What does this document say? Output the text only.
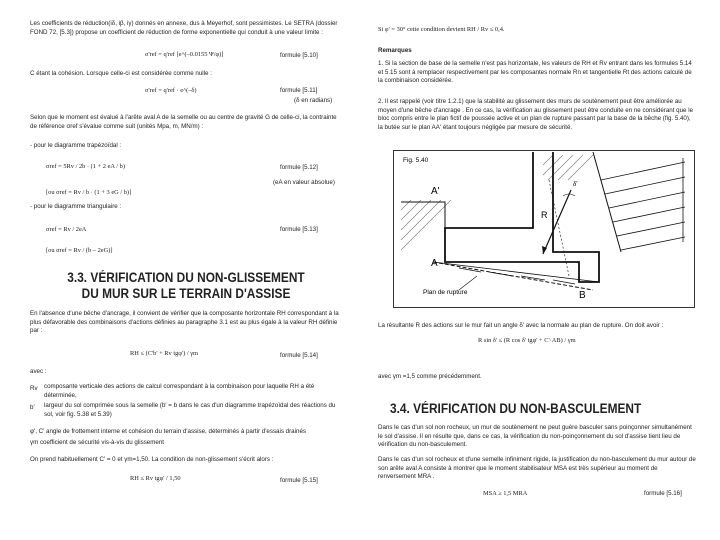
Les coefficients de réduction(iδ, iβ, iγ) donnés en annexe, dus à Meyerhof, sont pessimistes. Le SETRA (dossier FOND 72, [5.3]) propose un coefficient de réduction de forme exponentielle qui conduit à une valeur limite :

σ'ref = q'ref [e^(–0.0155 Ψ/φ)]	formule [5.10]

C étant la cohésion. Lorsque celle-ci est considérée comme nulle :

σ'ref = q'ref · e^(–δ)	formule [5.11]
(δ en radians)

Selon que le moment est évalué à l'arête aval A de la semelle ou au centre de gravité G de celle-ci, la contrainte de référence σref s'évalue comme suit (unités Mpa, m, MN/m) :

- pour le diagramme trapézoïdal :

σref = 5Rv / 2b · (1 + 2 eA / b)	formule [5.12]
(eA en valeur absolue)
[ou σref = Rv / b · (1 + 3 eG / b)]

- pour le diagramme triangulaire :

σref = Rv / 2eA	formule [5.13]
[ou σref = Rv / (b – 2eG)]
3.3. VÉRIFICATION DU NON-GLISSEMENT
DU MUR SUR LE TERRAIN D'ASSISE

En l'absence d'une bêche d'ancrage, il convient de vérifier que la composante horizontale RH correspondant à la plus défavorable des combinaisons d'actions définies au paragraphe 3.1 est au plus égale à la valeur RH définie par :

RH ≤ (C'b' + Rv tgφ') / γm	formule [5.14]

avec :

Rv composante verticale des actions de calcul correspondant à la combinaison pour laquelle RH a été déterminée,

b' largeur du sol comprimée sous la semelle (b' = b dans le cas d'un diagramme trapézoïdal des réactions du sol, voir fig. 5.38 et 5.39)

φ', C' angle de frottement interne et cohésion du terrain d'assise, déterminés à partir d'essais drainés

γm coefficient de sécurité vis-à-vis du glissement

On prend habituellement C' = 0 et γm=1,50. La condition de non-glissement s'écrit alors :

RH ≤ Rv tgφ' / 1,50	formule [5.15]
Si φ' = 30° cette condition devient RH / Rv ≤ 0,4.

Remarques

1. Si la section de base de la semelle n'est pas horizontale, les valeurs de RH et Rv entrant dans les formules 5.14 et 5.15 sont à remplacer respectivement par les composantes normale Rn et tangentielle Rt des actions calculé de la combinaison considérée.

2. Il est rappelé (voir titre 1.2.1) que la stabilité au glissement des murs de soutènement peut être améliorée au moyen d'une bêche d'ancrage . En ce cas, la vérification au glissement peut être conduite en ne considérant que le bloc compris entre le plan fictif de poussée active et un plan de rupture passant par la base de la bêche (fig. 5.40), la butée sur le plan AA' étant toujours négligée par mesure de sécurité.

La résultante R des actions sur le mur fait un angle δ' avec la normale au plan de rupture. On doit avoir :

R sin δ' ≤ (R cos δ' tgφ' + C'·AB) / γm

avec γm =1,5 comme précédemment.

3.4. VÉRIFICATION DU NON-BASCULEMENT

Dans le cas d'un sol non rocheux, un mur de soutènement ne peut guère basculer sans poinçonner simultanément le sol d'assise. Il en résulte que, dans ce cas, la vérification du non-poinçonnement du sol d'assise tient lieu de vérification du non-basculement.

Dans le cas d'un sol rocheux et d'une semelle infiniment rigide, la justification du non-basculement du mur autour de son arête aval A consiste à montrer que le moment stabilisateur MSA est très supérieur au moment de renversement MRA .

MSA ≥ 1,5 MRA	formule [5.16]
Fig. 5.40
A'
A
B
R
δ'
Plan de rupture
